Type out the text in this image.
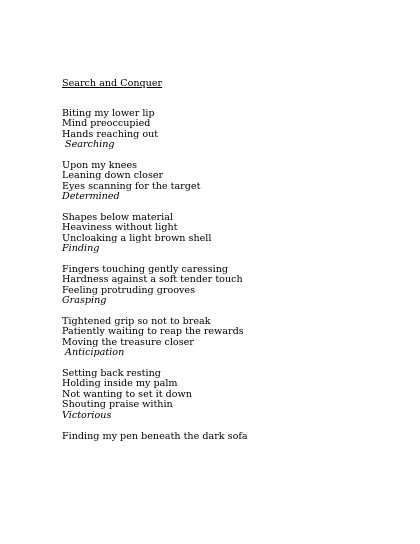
Search and Conquer
Biting my lower lip
Mind preoccupied
Hands reaching out
Searching
Upon my knees
Leaning down closer
Eyes scanning for the target
Determined
Shapes below material
Heaviness without light
Uncloaking a light brown shell
Finding
Fingers touching gently caressing
Hardness against a soft tender touch
Feeling protruding grooves
Grasping
Tightened grip so not to break
Patiently waiting to reap the rewards
Moving the treasure closer
Anticipation
Setting back resting
Holding inside my palm
Not wanting to set it down
Shouting praise within
Victorious
Finding my pen beneath the dark sofa
